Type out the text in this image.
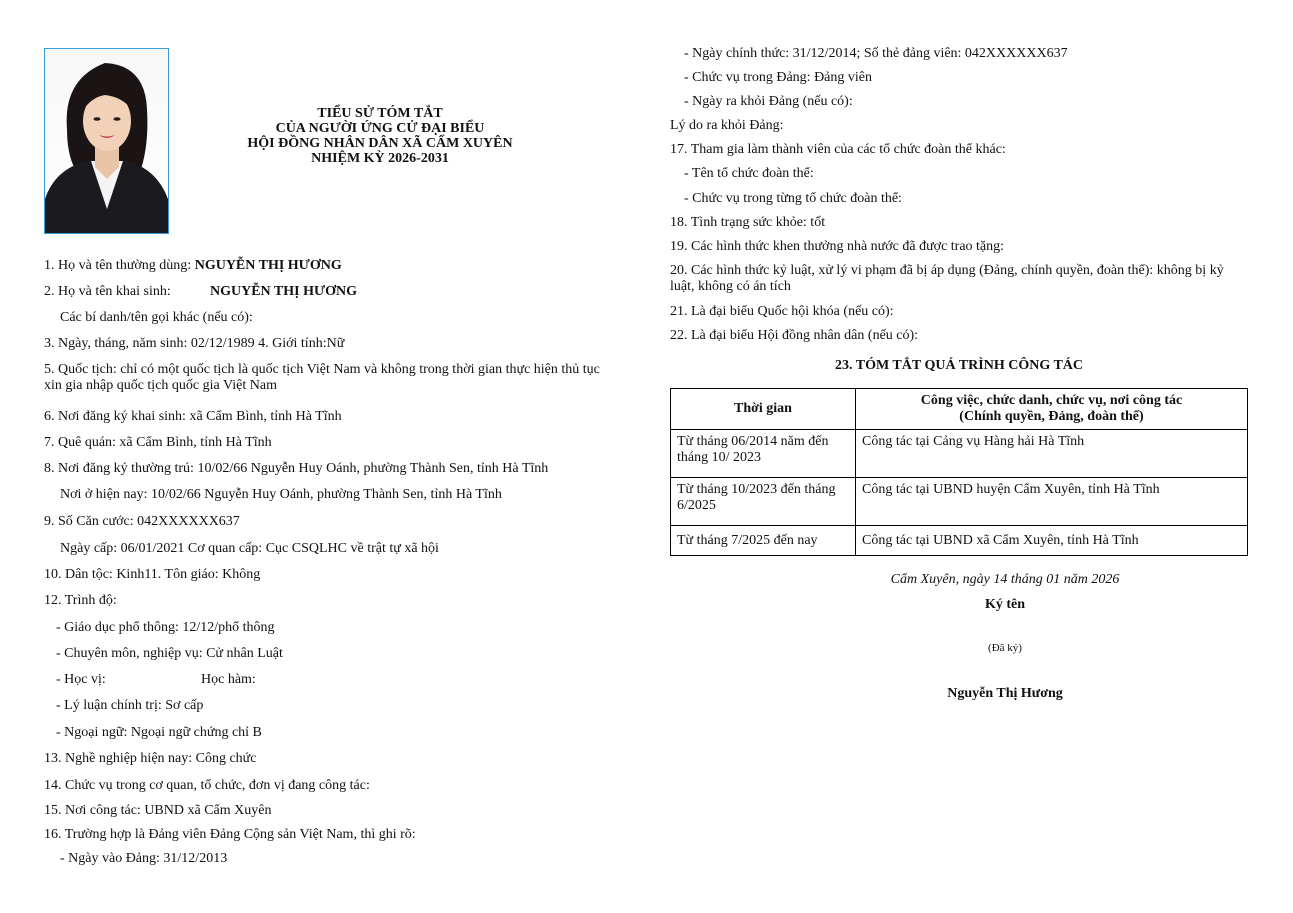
TIỂU SỬ TÓM TẮT
CỦA NGƯỜI ỨNG CỬ ĐẠI BIỂU
HỘI ĐỒNG NHÂN DÂN XÃ CẨM XUYÊN
NHIỆM KỲ 2026-2031
1. Họ và tên thường dùng: NGUYỄN THỊ HƯƠNG
2. Họ và tên khai sinh:	NGUYỄN THỊ HƯƠNG
Các bí danh/tên gọi khác (nếu có):
3. Ngày, tháng, năm sinh: 02/12/1989 4. Giới tính:Nữ
5. Quốc tịch: chỉ có một quốc tịch là quốc tịch Việt Nam và không trong thời gian thực hiện thủ tục xin gia nhập quốc tịch quốc gia Việt Nam
6. Nơi đăng ký khai sinh: xã Cẩm Bình, tỉnh Hà Tĩnh
7. Quê quán: xã Cẩm Bình, tỉnh Hà Tĩnh
8. Nơi đăng ký thường trú: 10/02/66 Nguyễn Huy Oánh, phường Thành Sen, tỉnh Hà Tĩnh
Nơi ở hiện nay: 10/02/66 Nguyễn Huy Oánh, phường Thành Sen, tỉnh Hà Tĩnh
9. Số Căn cước: 042XXXXXX637
Ngày cấp: 06/01/2021 Cơ quan cấp: Cục CSQLHC về trật tự xã hội
10. Dân tộc: Kinh11. Tôn giáo: Không
12. Trình độ:
- Giáo dục phổ thông: 12/12/phổ thông
- Chuyên môn, nghiệp vụ: Cử nhân Luật
- Học vị:	Học hàm:
- Lý luận chính trị: Sơ cấp
- Ngoại ngữ: Ngoại ngữ chứng chỉ B
13. Nghề nghiệp hiện nay: Công chức
14. Chức vụ trong cơ quan, tổ chức, đơn vị đang công tác:
15. Nơi công tác: UBND xã Cẩm Xuyên
16. Trường hợp là Đảng viên Đảng Cộng sản Việt Nam, thì ghi rõ:
- Ngày vào Đảng: 31/12/2013
- Ngày chính thức: 31/12/2014; Số thẻ đảng viên: 042XXXXXX637
- Chức vụ trong Đảng: Đảng viên
- Ngày ra khỏi Đảng (nếu có):
Lý do ra khỏi Đảng:
17. Tham gia làm thành viên của các tổ chức đoàn thể khác:
- Tên tổ chức đoàn thể:
- Chức vụ trong từng tổ chức đoàn thể:
18. Tình trạng sức khỏe: tốt
19. Các hình thức khen thưởng nhà nước đã được trao tặng:
20. Các hình thức kỷ luật, xử lý vi phạm đã bị áp dụng (Đảng, chính quyền, đoàn thể): không bị kỷ luật, không có án tích
21. Là đại biểu Quốc hội khóa (nếu có):
22. Là đại biểu Hội đồng nhân dân (nếu có):
23. TÓM TẮT QUÁ TRÌNH CÔNG TÁC
Thời gian	Công việc, chức danh, chức vụ, nơi công tác
(Chính quyền, Đảng, đoàn thể)

Từ tháng 06/2014 năm đến tháng 10/ 2023	Công tác tại Cảng vụ Hàng hải Hà Tĩnh
Từ tháng 10/2023 đến tháng 6/2025	Công tác tại UBND huyện Cẩm Xuyên, tỉnh Hà Tĩnh
Từ tháng 7/2025 đến nay	Công tác tại UBND xã Cẩm Xuyên, tỉnh Hà Tĩnh
Cẩm Xuyên, ngày 14 tháng 01 năm 2026
Ký tên
(Đã ký)
Nguyễn Thị Hương
